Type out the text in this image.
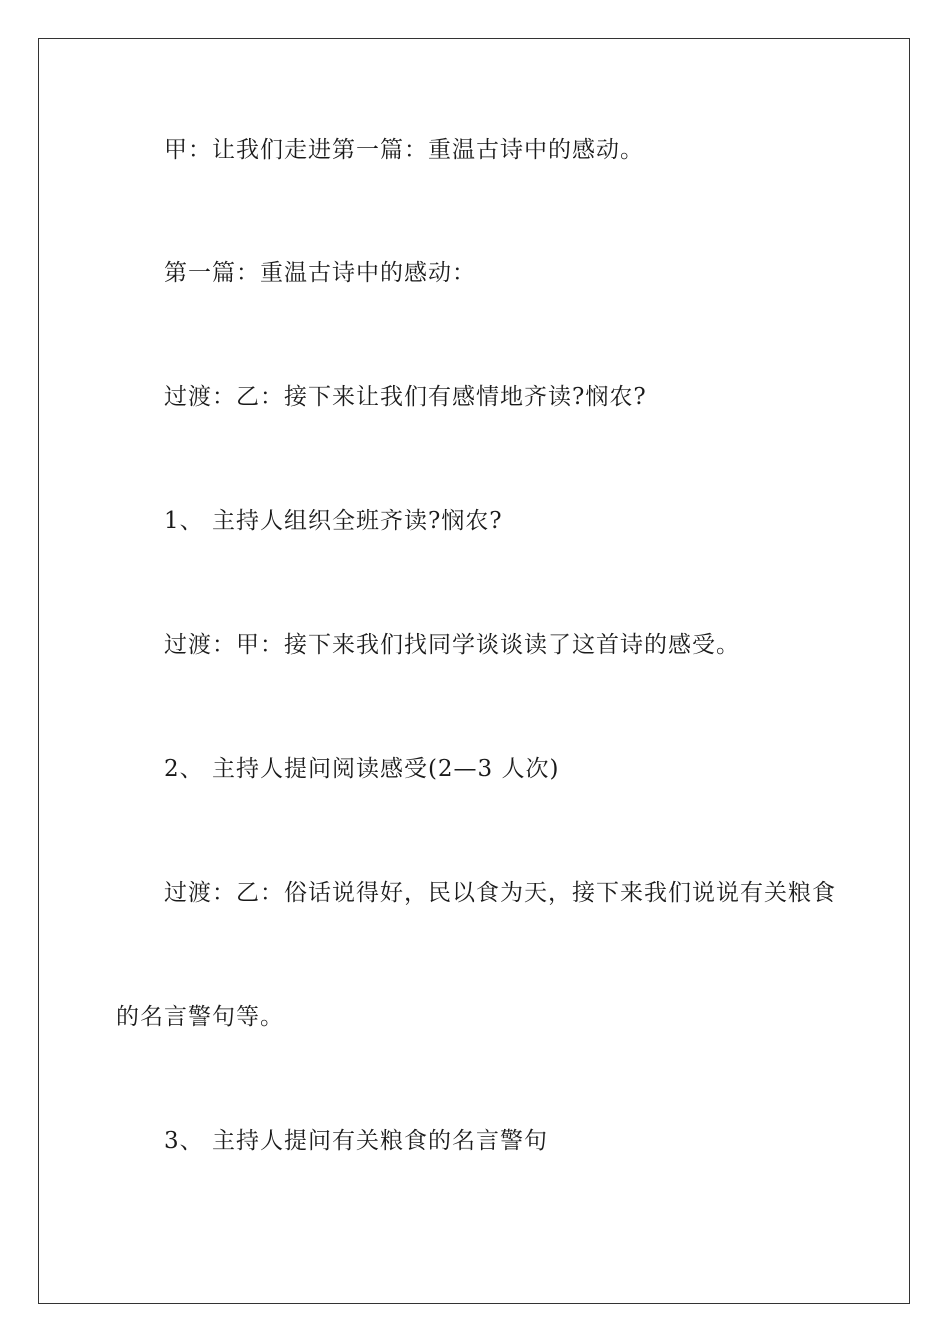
甲：让我们走进第一篇：重温古诗中的感动。
第一篇：重温古诗中的感动：
过渡：乙：接下来让我们有感情地齐读?悯农?
1、 主持人组织全班齐读?悯农?
过渡：甲：接下来我们找同学谈谈读了这首诗的感受。
2、 主持人提问阅读感受(2—3 人次)
过渡：乙：俗话说得好，民以食为天，接下来我们说说有关粮食
的名言警句等。
3、 主持人提问有关粮食的名言警句
